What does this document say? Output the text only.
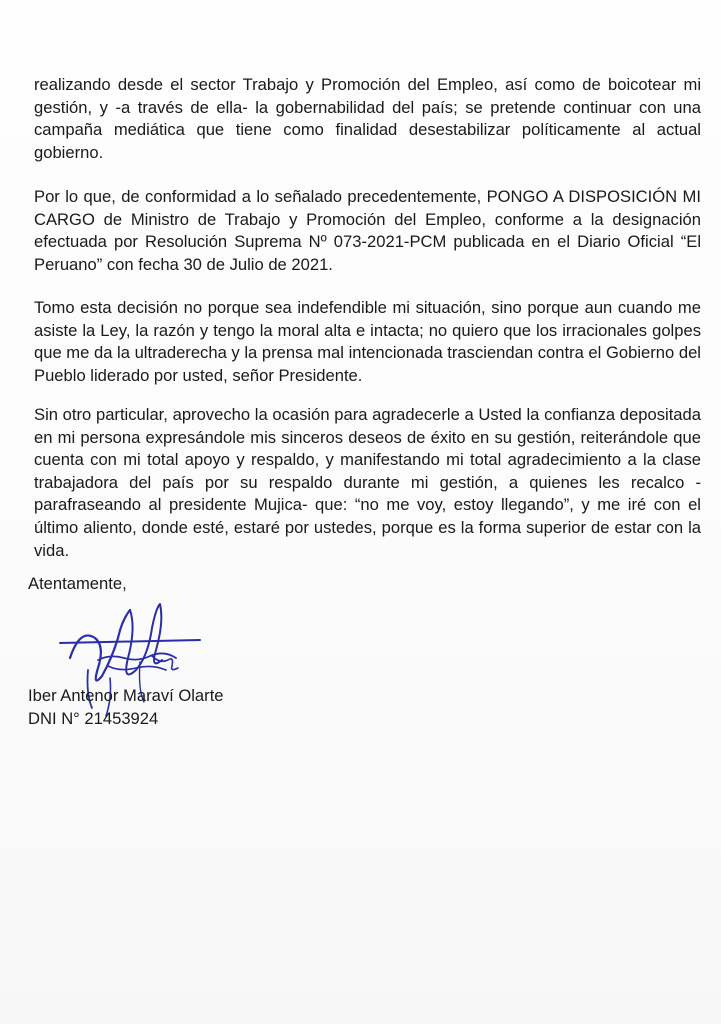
realizando desde el sector Trabajo y Promoción del Empleo, así como de boicotear mi gestión, y -a través de ella- la gobernabilidad del país; se pretende continuar con una campaña mediática que tiene como finalidad desestabilizar políticamente al actual gobierno.

Por lo que, de conformidad a lo señalado precedentemente, PONGO A DISPOSICIÓN MI CARGO de Ministro de Trabajo y Promoción del Empleo, conforme a la designación efectuada por Resolución Suprema Nº 073-2021-PCM publicada en el Diario Oficial “El Peruano” con fecha 30 de Julio de 2021.

Tomo esta decisión no porque sea indefendible mi situación, sino porque aun cuando me asiste la Ley, la razón y tengo la moral alta e intacta; no quiero que los irracionales golpes que me da la ultraderecha y la prensa mal intencionada trasciendan contra el Gobierno del Pueblo liderado por usted, señor Presidente.

Sin otro particular, aprovecho la ocasión para agradecerle a Usted la confianza depositada en mi persona expresándole mis sinceros deseos de éxito en su gestión, reiterándole que cuenta con mi total apoyo y respaldo, y manifestando mi total agradecimiento a la clase trabajadora del país por su respaldo durante mi gestión, a quienes les recalco -parafraseando al presidente Mujica- que: “no me voy, estoy llegando”, y me iré con el último aliento, donde esté, estaré por ustedes, porque es la forma superior de estar con la vida.

Atentamente,

Iber Antenor Maraví Olarte

DNI N° 21453924
